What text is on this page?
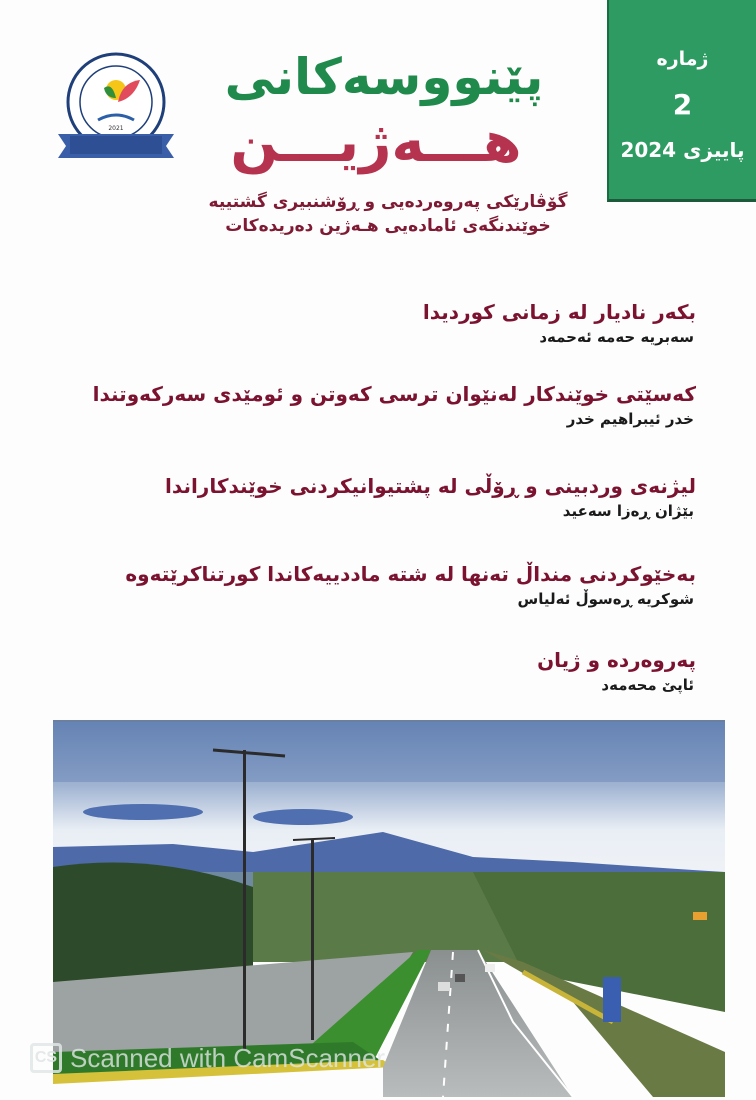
2021
پێنووسەکانی
هـــەژیـــن
گۆڤارێکی پەروەردەیی و ڕۆشنبیری گشتییە
خوێندنگەی ئامادەیی هـەژین دەریدەکات
ژمارە
2
پاییزی 2024
بکەر نادیار لە زمانی کوردیدا
سەبریە حەمە ئەحمەد
کەسێتی خوێندکار لەنێوان ترسی کەوتن و ئومێدی سەرکەوتندا
خدر ئیبراهیم خدر
لیژنەی وردبینی و ڕۆڵی لە پشتیوانیکردنی خوێندکاراندا
بێژان ڕەزا سەعید
بەخێوکردنی منداڵ تەنها لە شتە ماددییەکاندا کورتناکرێتەوە
شوکریە ڕەسوڵ ئەلیاس
پەروەردە و ژیان
ئاپێ محەمەد
CS Scanned with CamScanner
